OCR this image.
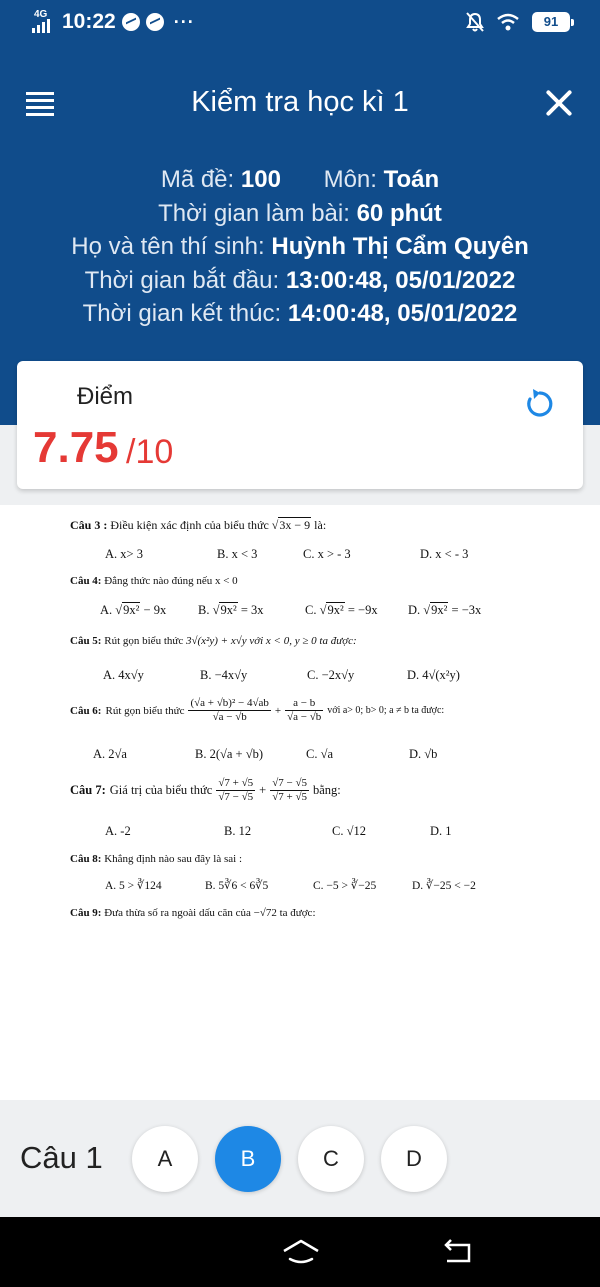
4G 10:22	···	91
Kiểm tra học kì 1
Mã đề: 100 Môn: Toán
Thời gian làm bài: 60 phút
Họ và tên thí sinh: Huỳnh Thị Cẩm Quyên
Thời gian bắt đầu: 13:00:48, 05/01/2022
Thời gian kết thúc: 14:00:48, 05/01/2022
Điểm
7.75 /10
Câu 3 : Điều kiện xác định của biểu thức √3x − 9 là:
A. x> 3	B. x < 3	C. x > - 3	D. x < - 3
Câu 4: Đẳng thức nào đúng nếu x < 0
A. √9x² − 9x	B. √9x² = 3x	C. √9x² = −9x D. √9x² = −3x
Câu 5: Rút gọn biểu thức 3√(x²y) + x√y với x < 0, y ≥ 0 ta được:
A. 4x√y	B. −4x√y	C. −2x√y	D. 4√(x²y)
Câu 6: Rút gọn biểu thức $\frac{\text{(√a + √b)² − 4√ab}}{√a - √b} + \frac{a - b}{√a - √b}$ với a> 0; b> 0; a ≠ b ta được:
A. 2√a	B. 2(√a + √b)	C. √a	D. √b
Câu 7: Giá trị của biểu thức $\frac{√7 + √5}{√7 - √5} + \frac{√7 - √5}{√7 + √5}$ bằng:
A. -2	B. 12	C. √12	D. 1
Câu 8: Khẳng định nào sau đây là sai :
A. 5 > ∛124	B. 5∛6 < 6∛5	C. −5 > ∛−25	D. ∛−25 < −2
Câu 9: Đưa thừa số ra ngoài dấu căn của −√72 ta được:
Câu 1	A	B	C	D
